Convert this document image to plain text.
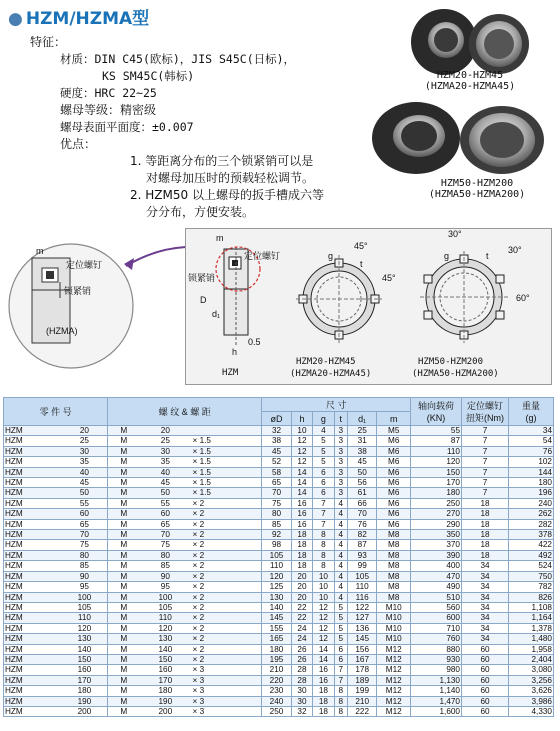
● HZM/HZMA型
特征：
材质：DIN C45(欧标)，JIS S45C(日标)，
KS SM45C(韩标)
硬度：HRC 22~25
螺母等级：精密级
螺母表面平面度：±0.007
优点：
1. 等距离分布的三个锁紧销可以是
对螺母加压时的预载轻松调节。
2. HZM50 以上螺母的扳手槽成六等
分分布，方便安装。
HZM20-HZM45
(HZMA20-HZMA45)
HZM50-HZM200
(HZMA50-HZMA200)
m
定位螺钉
锁紧销
(HZMA)
m
定位螺钉
锁紧销
D
d₁
h
0.5
HZM
45°
45°
g
t
HZM20-HZM45
(HZMA20-HZMA45)
30°
30°
60°
g	t
HZM50-HZM200
(HZMA50-HZMA200)
零 件 号		螺 纹 & 螺 距			尺 寸						轴向载荷
(KN)	定位螺钉
扭矩(Nm)	重量
(g)
					øD	h	g	t	d₁	m			
HZM	20	M	20		32	10	4	3	25	M5	55	7	34
HZM	25	M	25	× 1.5	38	12	5	3	31	M6	87	7	54
HZM	30	M	30	× 1.5	45	12	5	3	38	M6	110	7	76
HZM	35	M	35	× 1.5	52	12	5	3	45	M6	120	7	102
HZM	40	M	40	× 1.5	58	14	6	3	50	M6	150	7	144
HZM	45	M	45	× 1.5	65	14	6	3	56	M6	170	7	180
HZM	50	M	50	× 1.5	70	14	6	3	61	M6	180	7	196
HZM	55	M	55	× 2	75	16	7	4	66	M6	250	18	240
HZM	60	M	60	× 2	80	16	7	4	70	M6	270	18	262
HZM	65	M	65	× 2	85	16	7	4	76	M6	290	18	282
HZM	70	M	70	× 2	92	18	8	4	82	M8	350	18	378
HZM	75	M	75	× 2	98	18	8	4	87	M8	370	18	422
HZM	80	M	80	× 2	105	18	8	4	93	M8	390	18	492
HZM	85	M	85	× 2	110	18	8	4	99	M8	400	34	524
HZM	90	M	90	× 2	120	20	10	4	105	M8	470	34	750
HZM	95	M	95	× 2	125	20	10	4	110	M8	490	34	782
HZM	100	M	100	× 2	130	20	10	4	116	M8	510	34	826
HZM	105	M	105	× 2	140	22	12	5	122	M10	560	34	1,108
HZM	110	M	110	× 2	145	22	12	5	127	M10	600	34	1,164
HZM	120	M	120	× 2	155	24	12	5	136	M10	710	34	1,378
HZM	130	M	130	× 2	165	24	12	5	145	M10	760	34	1,480
HZM	140	M	140	× 2	180	26	14	6	156	M12	880	60	1,958
HZM	150	M	150	× 2	195	26	14	6	167	M12	930	60	2,404
HZM	160	M	160	× 3	210	28	16	7	178	M12	980	60	3,080
HZM	170	M	170	× 3	220	28	16	7	189	M12	1,130	60	3,256
HZM	180	M	180	× 3	230	30	18	8	199	M12	1,140	60	3,626
HZM	190	M	190	× 3	240	30	18	8	210	M12	1,470	60	3,986
HZM	200	M	200	× 3	250	32	18	8	222	M12	1,600	60	4,330
